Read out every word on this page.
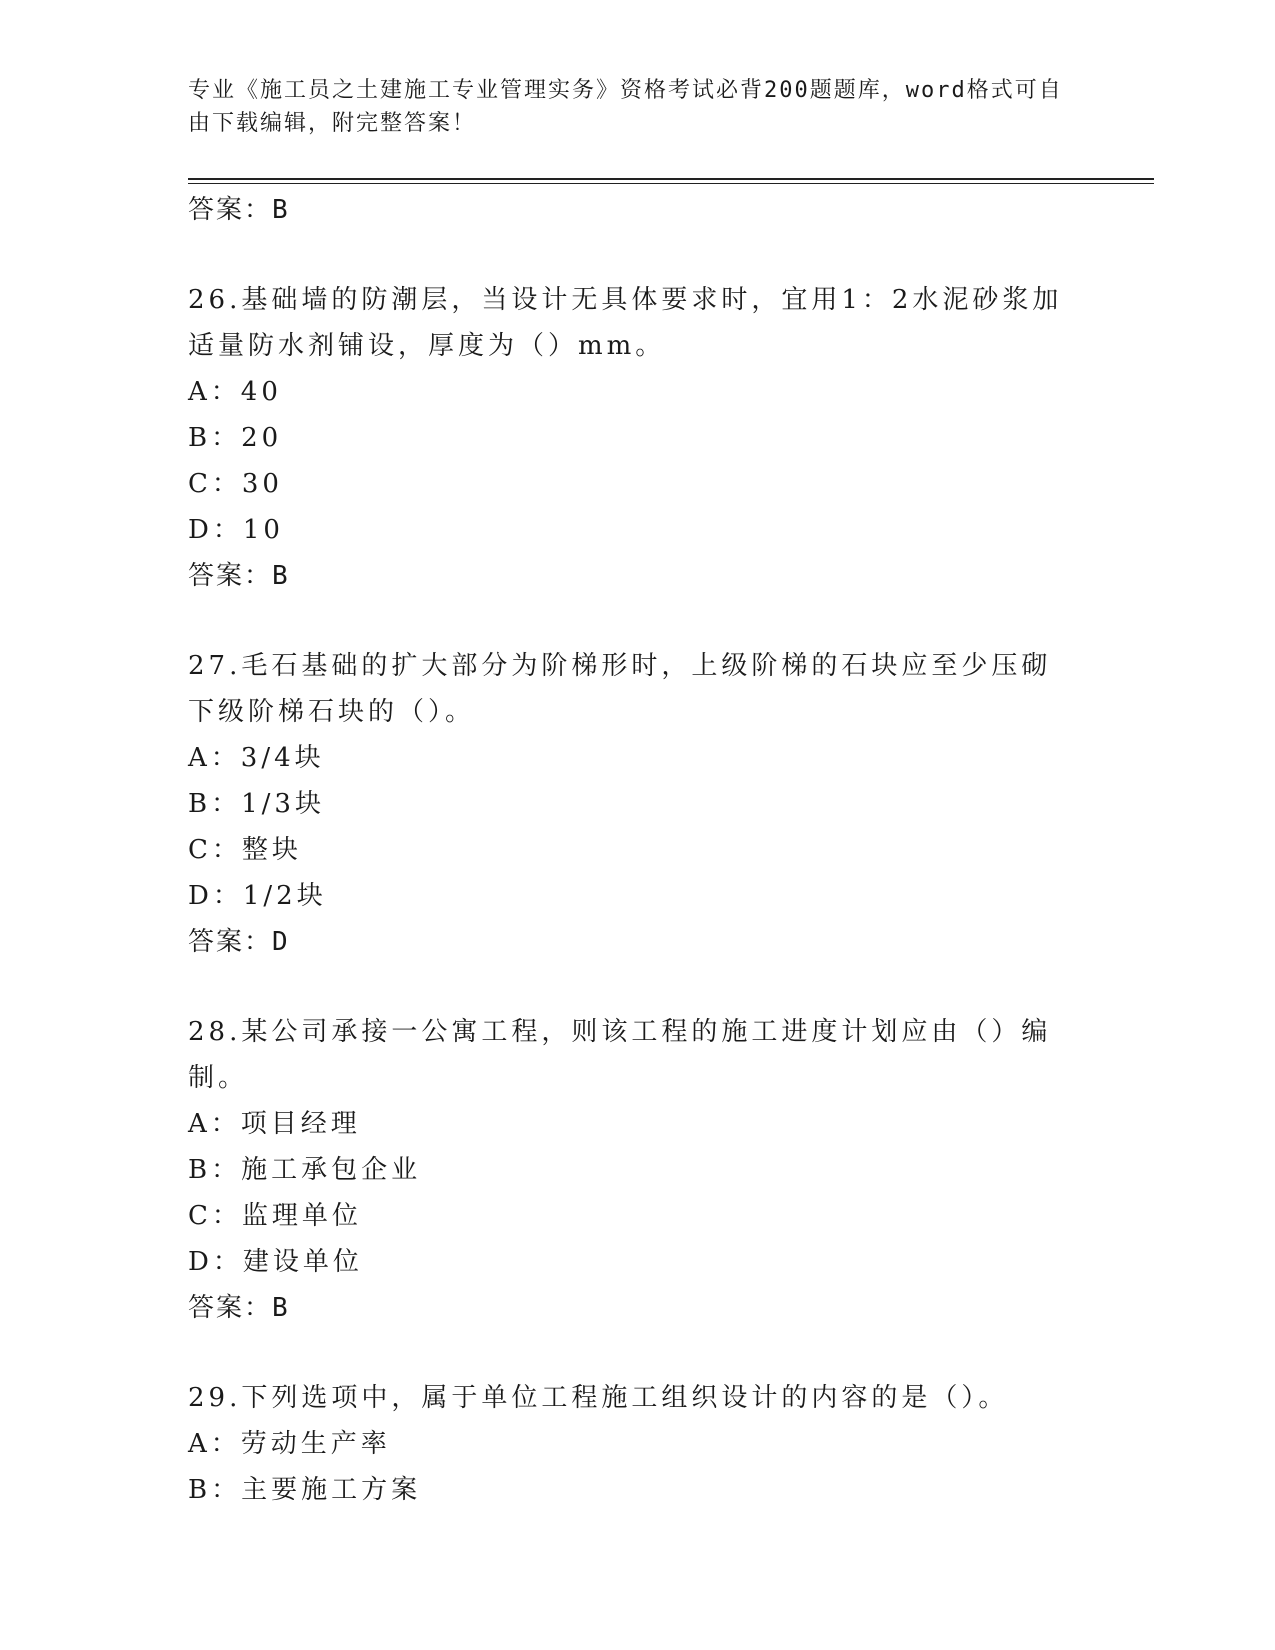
专业《施工员之土建施工专业管理实务》资格考试必背200题题库，word格式可自由下载编辑，附完整答案！

答案：B

26.基础墙的防潮层，当设计无具体要求时，宜用1：2水泥砂浆加适量防水剂铺设，厚度为（）mm。

A：40

B：20

C：30

D：10

答案：B

27.毛石基础的扩大部分为阶梯形时，上级阶梯的石块应至少压砌下级阶梯石块的（）。

A：3/4块

B：1/3块

C：整块

D：1/2块

答案：D

28.某公司承接一公寓工程，则该工程的施工进度计划应由（）编制。

A：项目经理

B：施工承包企业

C：监理单位

D：建设单位

答案：B

29.下列选项中，属于单位工程施工组织设计的内容的是（）。

A：劳动生产率

B：主要施工方案
